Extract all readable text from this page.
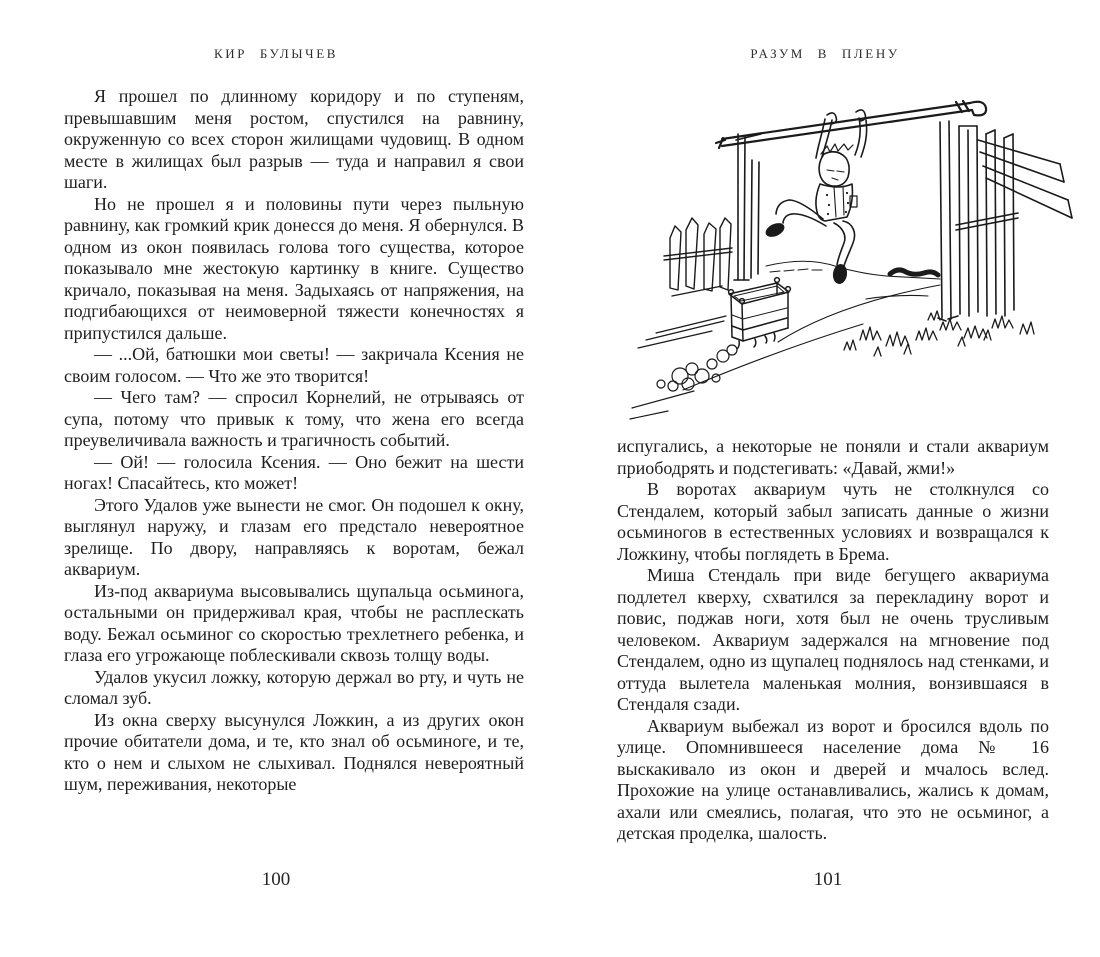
КИР БУЛЫЧЕВ

Я прошел по длинному коридору и по ступеням, превышавшим меня ростом, спустился на равнину, окруженную со всех сторон жилищами чудовищ. В одном месте в жилищах был разрыв — туда и направил я свои шаги.

Но не прошел я и половины пути через пыльную равнину, как громкий крик донесся до меня. Я обернулся. В одном из окон появилась голова того существа, которое показывало мне жестокую картинку в книге. Существо кричало, показывая на меня. Задыхаясь от напряжения, на подгибающихся от неимоверной тяжести конечностях я припустился дальше.

— ...Ой, батюшки мои светы! — закричала Ксения не своим голосом. — Что же это творится!

— Чего там? — спросил Корнелий, не отрываясь от супа, потому что привык к тому, что жена его всегда преувеличивала важность и трагичность событий.

— Ой! — голосила Ксения. — Оно бежит на шести ногах! Спасайтесь, кто может!

Этого Удалов уже вынести не смог. Он подошел к окну, выглянул наружу, и глазам его предстало невероятное зрелище. По двору, направляясь к воротам, бежал аквариум.

Из-под аквариума высовывались щупальца осьминога, остальными он придерживал края, чтобы не расплескать воду. Бежал осьминог со скоростью трехлетнего ребенка, и глаза его угрожающе поблескивали сквозь толщу воды.

Удалов укусил ложку, которую держал во рту, и чуть не сломал зуб.

Из окна сверху высунулся Ложкин, а из других окон прочие обитатели дома, и те, кто знал об осьминоге, и те, кто о нем и слыхом не слыхивал. Поднялся невероятный шум, переживания, некоторые

100
РАЗУМ В ПЛЕНУ

испугались, а некоторые не поняли и стали аквариум приободрять и подстегивать: «Давай, жми!»

В воротах аквариум чуть не столкнулся со Стендалем, который забыл записать данные о жизни осьминогов в естественных условиях и возвращался к Ложкину, чтобы поглядеть в Брема.

Миша Стендаль при виде бегущего аквариума подлетел кверху, схватился за перекладину ворот и повис, поджав ноги, хотя был не очень трусливым человеком. Аквариум задержался на мгновение под Стендалем, одно из щупалец поднялось над стенками, и оттуда вылетела маленькая молния, вонзившаяся в Стендаля сзади.

Аквариум выбежал из ворот и бросился вдоль по улице. Опомнившееся население дома № 16 выскакивало из окон и дверей и мчалось вслед. Прохожие на улице останавливались, жались к домам, ахали или смеялись, полагая, что это не осьминог, а детская проделка, шалость.

101
